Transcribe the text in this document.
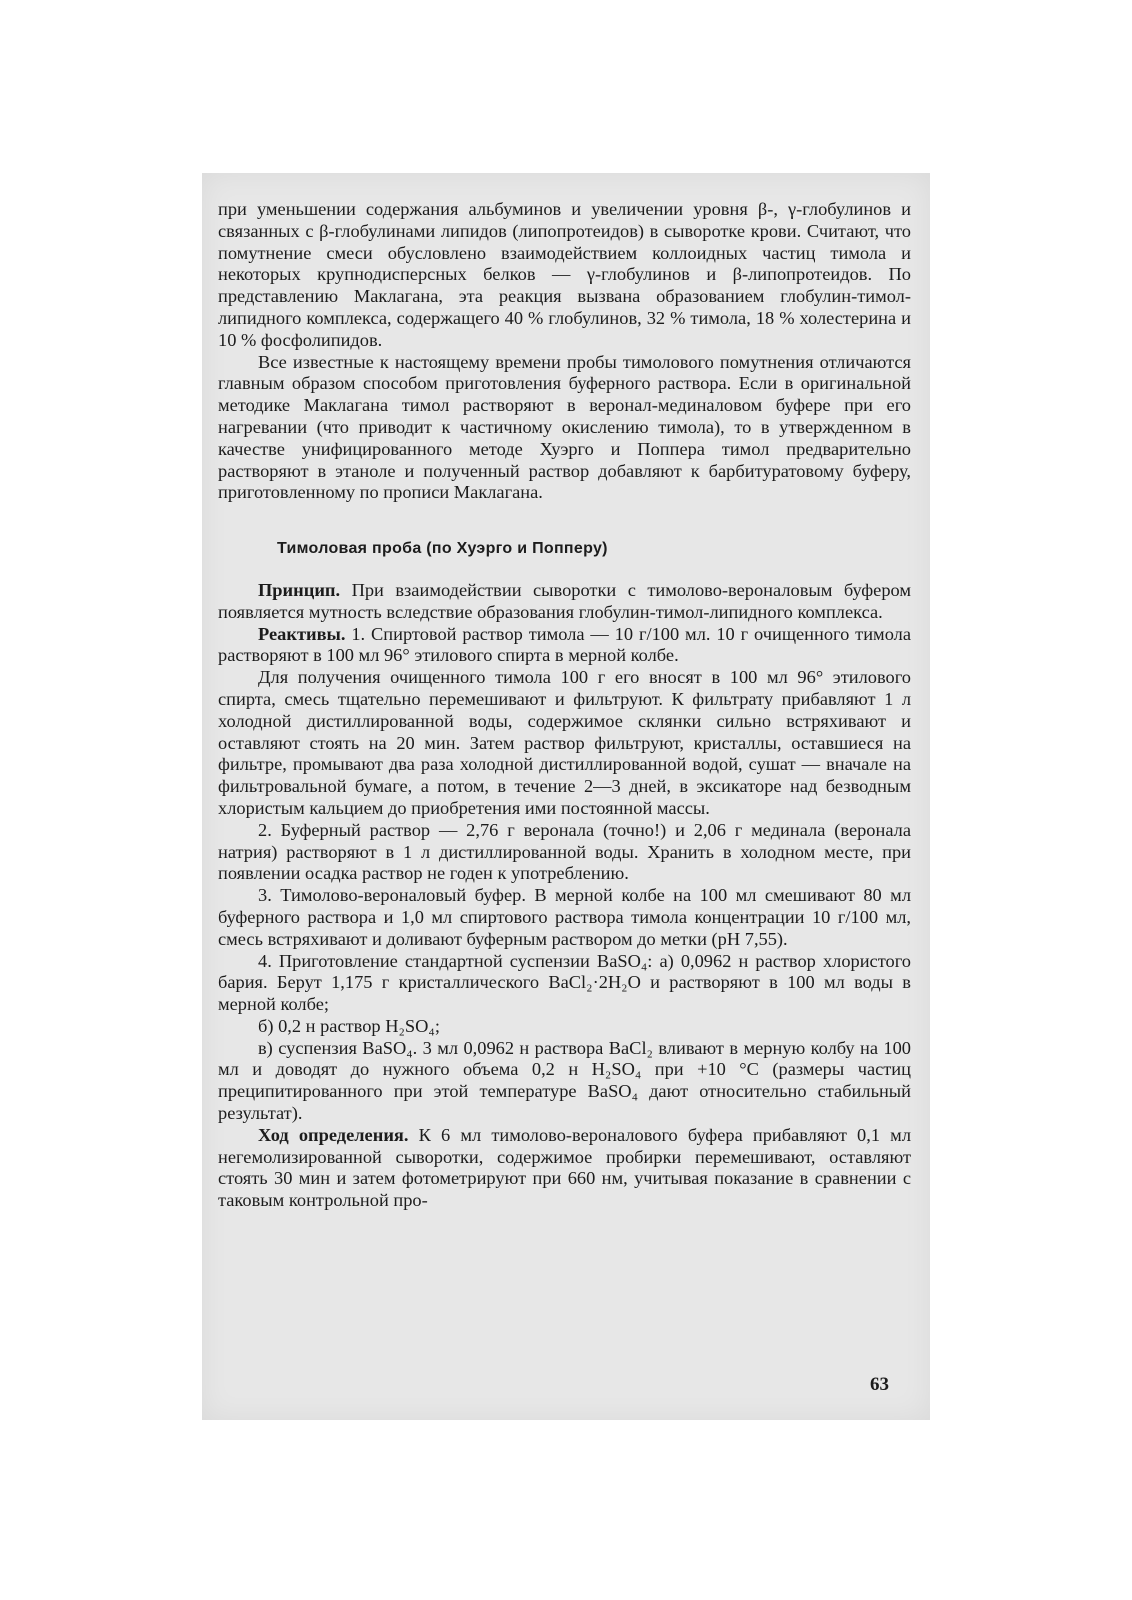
при уменьшении содержания альбуминов и увеличении уровня β-, γ-глобулинов и связанных с β-глобулинами липидов (липопротеидов) в сыворотке крови. Считают, что помутнение смеси обусловлено взаимодействием коллоидных частиц тимола и некоторых крупнодисперсных белков — γ-глобулинов и β-липопротеидов. По представлению Маклагана, эта реакция вызвана образованием глобулин-тимол-липидного комплекса, содержащего 40 % глобулинов, 32 % тимола, 18 % холестерина и 10 % фосфолипидов.

Все известные к настоящему времени пробы тимолового помутнения отличаются главным образом способом приготовления буферного раствора. Если в оригинальной методике Маклагана тимол растворяют в веронал-мединаловом буфере при его нагревании (что приводит к частичному окислению тимола), то в утвержденном в качестве унифицированного методе Хуэрго и Поппера тимол предварительно растворяют в этаноле и полученный раствор добавляют к барбитуратовому буферу, приготовленному по прописи Маклагана.

Тимоловая проба (по Хуэрго и Попперу)

Принцип. При взаимодействии сыворотки с тимолово-вероналовым буфером появляется мутность вследствие образования глобулин-тимол-липидного комплекса.

Реактивы. 1. Спиртовой раствор тимола — 10 г/100 мл. 10 г очищенного тимола растворяют в 100 мл 96° этилового спирта в мерной колбе.

Для получения очищенного тимола 100 г его вносят в 100 мл 96° этилового спирта, смесь тщательно перемешивают и фильтруют. К фильтрату прибавляют 1 л холодной дистиллированной воды, содержимое склянки сильно встряхивают и оставляют стоять на 20 мин. Затем раствор фильтруют, кристаллы, оставшиеся на фильтре, промывают два раза холодной дистиллированной водой, сушат — вначале на фильтровальной бумаге, а потом, в течение 2—3 дней, в эксикаторе над безводным хлористым кальцием до приобретения ими постоянной массы.

2. Буферный раствор — 2,76 г веронала (точно!) и 2,06 г мединала (веронала натрия) растворяют в 1 л дистиллированной воды. Хранить в холодном месте, при появлении осадка раствор не годен к употреблению.

3. Тимолово-вероналовый буфер. В мерной колбе на 100 мл смешивают 80 мл буферного раствора и 1,0 мл спиртового раствора тимола концентрации 10 г/100 мл, смесь встряхивают и доливают буферным раствором до метки (рН 7,55).

4. Приготовление стандартной суспензии BaSO₄: а) 0,0962 н раствор хлористого бария. Берут 1,175 г кристаллического BaCl₂·2H₂O и растворяют в 100 мл воды в мерной колбе;

б) 0,2 н раствор H₂SO₄;

в) суспензия BaSO₄. 3 мл 0,0962 н раствора BaCl₂ вливают в мерную колбу на 100 мл и доводят до нужного объема 0,2 н H₂SO₄ при +10 °C (размеры частиц преципитированного при этой температуре BaSO₄ дают относительно стабильный результат).

Ход определения. К 6 мл тимолово-вероналового буфера прибавляют 0,1 мл негемолизированной сыворотки, содержимое пробирки перемешивают, оставляют стоять 30 мин и затем фотометрируют при 660 нм, учитывая показание в сравнении с таковым контрольной про-

63
